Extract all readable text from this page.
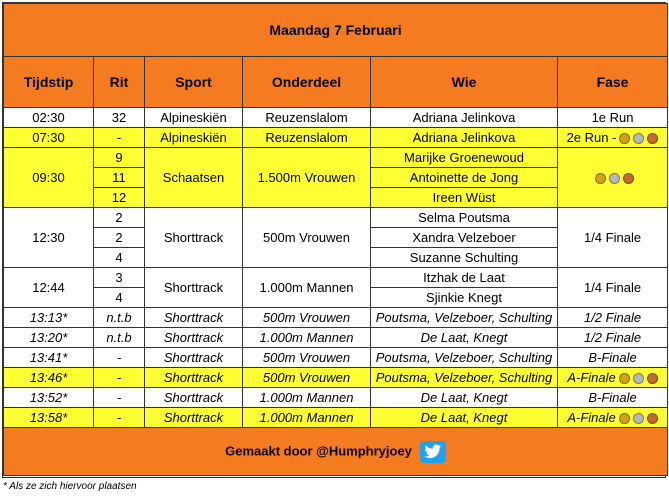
Maandag 7 Februari					
Tijdstip	Rit	Sport	Onderdeel	Wie	Fase
02:30	32	Alpineskiën	Reuzenslalom	Adriana Jelinkova	1e Run
07:30	-	Alpineskiën	Reuzenslalom	Adriana Jelinkova	2e Run -
09:30	9	Schaatsen	1.500m Vrouwen	Marijke Groenewoud	
	11			Antoinette de Jong	
	12			Ireen Wüst	
12:30	2	Shorttrack	500m Vrouwen	Selma Poutsma	1/4 Finale
	2			Xandra Velzeboer	
	4			Suzanne Schulting	
12:44	3	Shorttrack	1.000m Mannen	Itzhak de Laat	1/4 Finale
	4			Sjinkie Knegt	
13:13*	n.t.b	Shorttrack	500m Vrouwen	Poutsma, Velzeboer, Schulting	1/2 Finale
13:20*	n.t.b	Shorttrack	1.000m Mannen	De Laat, Knegt	1/2 Finale
13:41*	-	Shorttrack	500m Vrouwen	Poutsma, Velzeboer, Schulting	B-Finale
13:46*	-	Shorttrack	500m Vrouwen	Poutsma, Velzeboer, Schulting	A-Finale
13:52*	-	Shorttrack	1.000m Mannen	De Laat, Knegt	B-Finale
13:58*	-	Shorttrack	1.000m Mannen	De Laat, Knegt	A-Finale
Gemaakt door @Humphryjoey					
* Als ze zich hiervoor plaatsen
